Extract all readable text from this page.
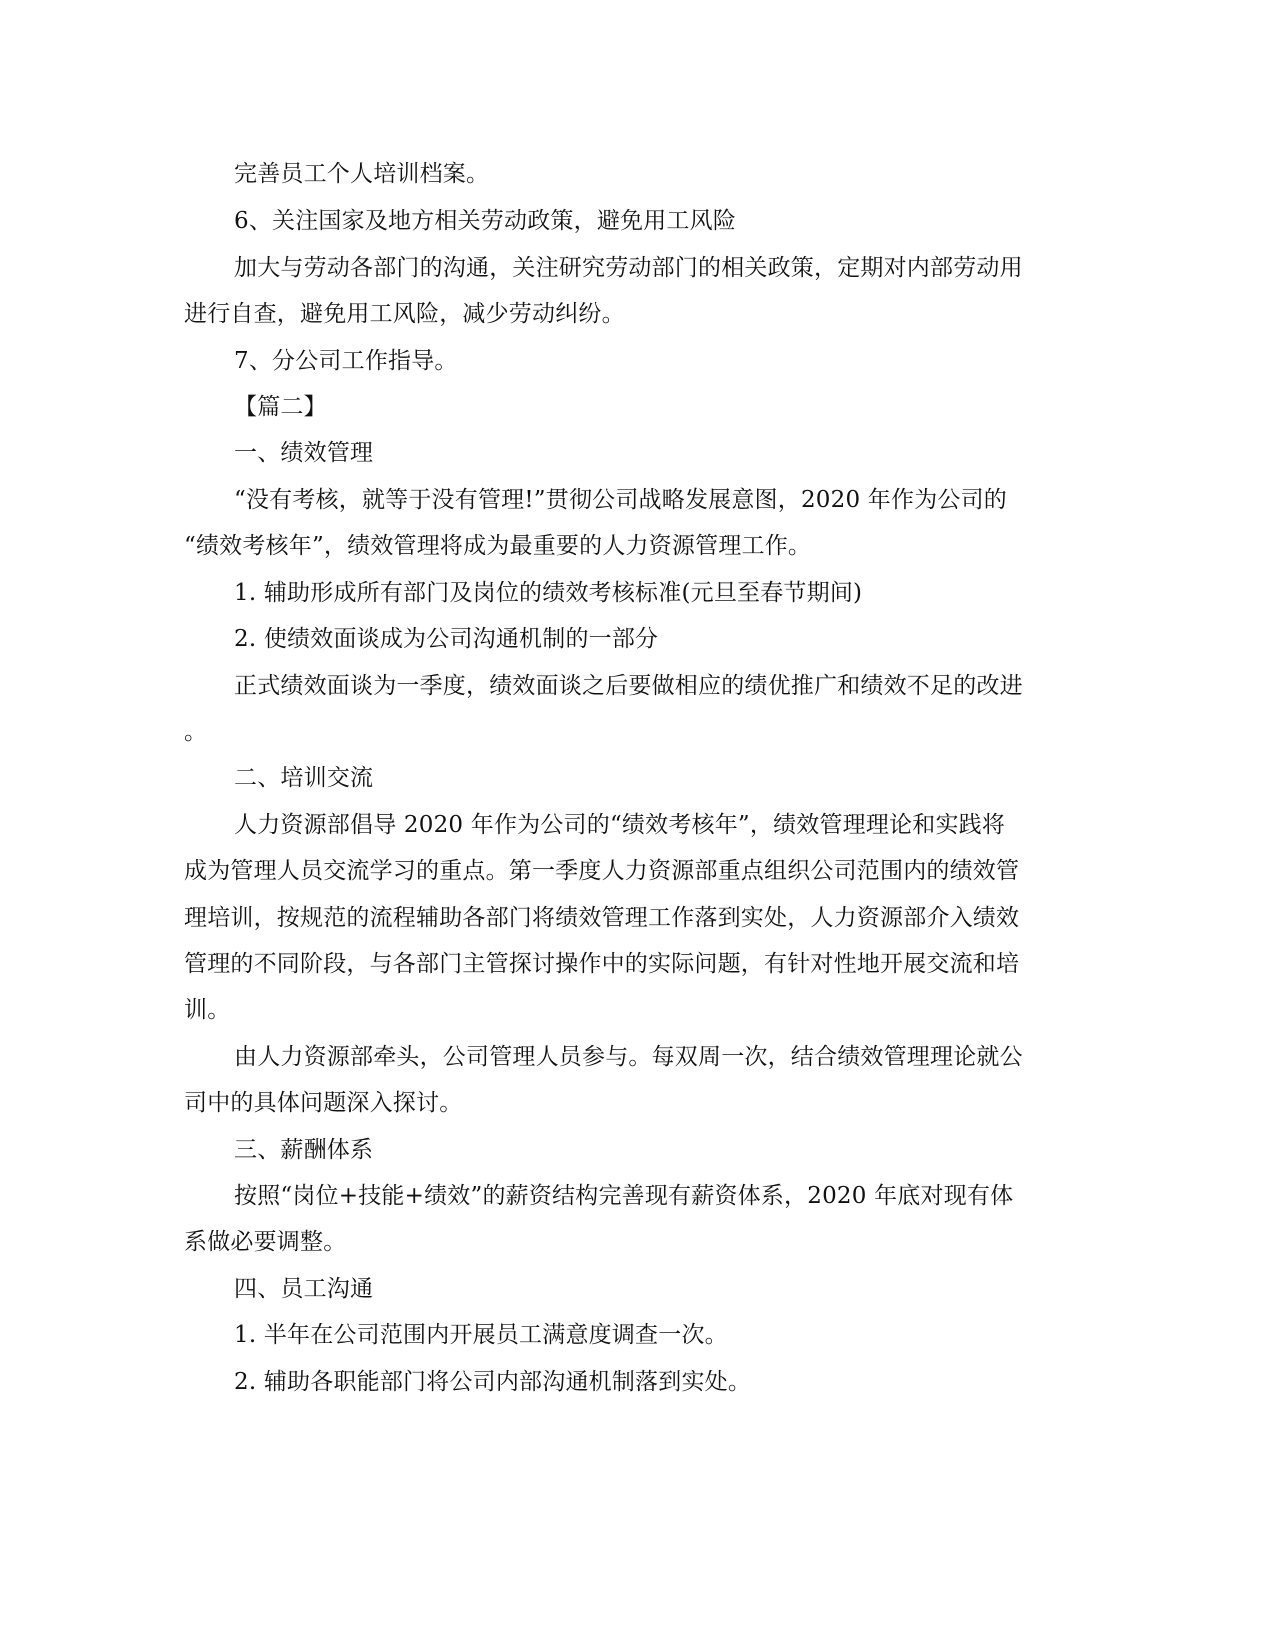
完善员工个人培训档案。
6、关注国家及地方相关劳动政策，避免用工风险
加大与劳动各部门的沟通，关注研究劳动部门的相关政策，定期对内部劳动用
进行自查，避免用工风险，减少劳动纠纷。
7、分公司工作指导。
【篇二】
一、绩效管理
“没有考核，就等于没有管理!”贯彻公司战略发展意图，2020 年作为公司的
“绩效考核年”，绩效管理将成为最重要的人力资源管理工作。
1. 辅助形成所有部门及岗位的绩效考核标准(元旦至春节期间)
2. 使绩效面谈成为公司沟通机制的一部分
正式绩效面谈为一季度，绩效面谈之后要做相应的绩优推广和绩效不足的改进
。
二、培训交流
人力资源部倡导 2020 年作为公司的“绩效考核年”，绩效管理理论和实践将
成为管理人员交流学习的重点。第一季度人力资源部重点组织公司范围内的绩效管
理培训，按规范的流程辅助各部门将绩效管理工作落到实处，人力资源部介入绩效
管理的不同阶段，与各部门主管探讨操作中的实际问题，有针对性地开展交流和培
训。
由人力资源部牵头，公司管理人员参与。每双周一次，结合绩效管理理论就公
司中的具体问题深入探讨。
三、薪酬体系
按照“岗位+技能+绩效”的薪资结构完善现有薪资体系，2020 年底对现有体
系做必要调整。
四、员工沟通
1. 半年在公司范围内开展员工满意度调查一次。
2. 辅助各职能部门将公司内部沟通机制落到实处。
